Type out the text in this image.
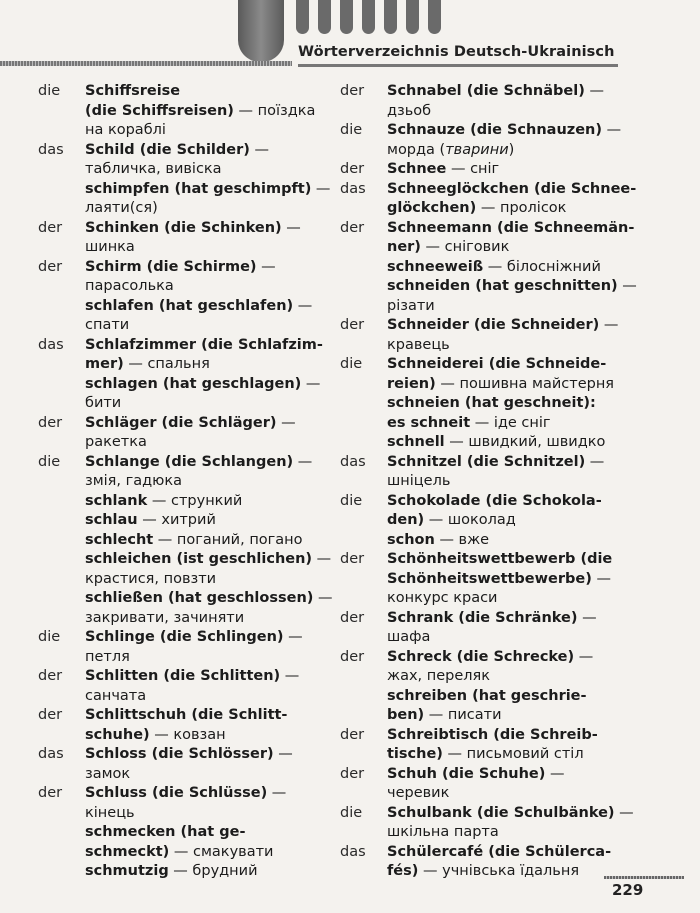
Wörterverzeichnis Deutsch-Ukrainisch
die	Schiffsreise
(die Schiffsreisen) — поїздка
на кораблі
das	Schild (die Schilder) —
табличка, вивіска
schimpfen (hat geschimpft) —
лаяти(ся)
der	Schinken (die Schinken) —
шинка
der	Schirm (die Schirme) —
парасолька
schlafen (hat geschlafen) —
спати
das	Schlafzimmer (die Schlafzim-
mer) — спальня
schlagen (hat geschlagen) —
бити
der	Schläger (die Schläger) —
ракетка
die	Schlange (die Schlangen) —
змія, гадюка
schlank — стрункий
schlau — хитрий
schlecht — поганий, погано
schleichen (ist geschlichen) —
крастися, повзти
schließen (hat geschlossen) —
закривати, зачиняти
die	Schlinge (die Schlingen) —
петля
der	Schlitten (die Schlitten) —
санчата
der	Schlittschuh (die Schlitt-
schuhe) — ковзан
das	Schloss (die Schlösser) —
замок
der	Schluss (die Schlüsse) —
кінець
schmecken (hat ge-
schmeckt) — смакувати
schmutzig — брудний
der	Schnabel (die Schnäbel) —
дзьоб
die	Schnauze (die Schnauzen) —
морда (тварини)
der	Schnee — сніг
das	Schneeglöckchen (die Schnee-
glöckchen) — пролісок
der	Schneemann (die Schneemän-
ner) — сніговик
schneeweiß — білосніжний
schneiden (hat geschnitten) —
різати
der	Schneider (die Schneider) —
кравець
die	Schneiderei (die Schneide-
reien) — пошивна майстерня
schneien (hat geschneit):
es schneit — іде сніг
schnell — швидкий, швидко
das	Schnitzel (die Schnitzel) —
шніцель
die	Schokolade (die Schokola-
den) — шоколад
schon — вже
der	Schönheitswettbewerb (die
Schönheitswettbewerbe) —
конкурс краси
der	Schrank (die Schränke) —
шафа
der	Schreck (die Schrecke) —
жах, переляк
schreiben (hat geschrie-
ben) — писати
der	Schreibtisch (die Schreib-
tische) — письмовий стіл
der	Schuh (die Schuhe) —
черевик
die	Schulbank (die Schulbänke) —
шкільна парта
das	Schülercafé (die Schülerca-
fés) — учнівська їдальня
229
